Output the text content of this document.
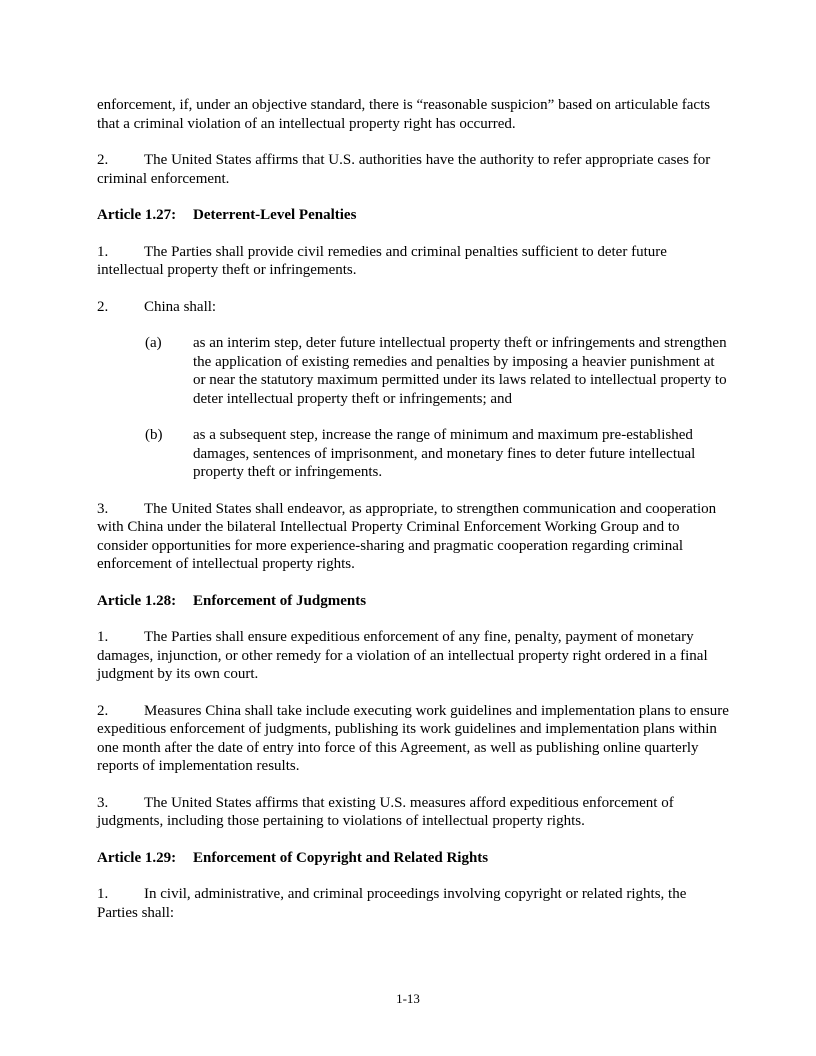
enforcement, if, under an objective standard, there is “reasonable suspicion” based on articulable facts that a criminal violation of an intellectual property right has occurred.

2. The United States affirms that U.S. authorities have the authority to refer appropriate cases for criminal enforcement.

Article 1.27: Deterrent-Level Penalties

1. The Parties shall provide civil remedies and criminal penalties sufficient to deter future intellectual property theft or infringements.

2. China shall:

(a)	as an interim step, deter future intellectual property theft or infringements and strengthen the application of existing remedies and penalties by imposing a heavier punishment at or near the statutory maximum permitted under its laws related to intellectual property to deter intellectual property theft or infringements; and
(b)	as a subsequent step, increase the range of minimum and maximum pre-established damages, sentences of imprisonment, and monetary fines to deter future intellectual property theft or infringements.

3. The United States shall endeavor, as appropriate, to strengthen communication and cooperation with China under the bilateral Intellectual Property Criminal Enforcement Working Group and to consider opportunities for more experience-sharing and pragmatic cooperation regarding criminal enforcement of intellectual property rights.

Article 1.28: Enforcement of Judgments

1. The Parties shall ensure expeditious enforcement of any fine, penalty, payment of monetary damages, injunction, or other remedy for a violation of an intellectual property right ordered in a final judgment by its own court.

2. Measures China shall take include executing work guidelines and implementation plans to ensure expeditious enforcement of judgments, publishing its work guidelines and implementation plans within one month after the date of entry into force of this Agreement, as well as publishing online quarterly reports of implementation results.

3. The United States affirms that existing U.S. measures afford expeditious enforcement of judgments, including those pertaining to violations of intellectual property rights.

Article 1.29: Enforcement of Copyright and Related Rights

1. In civil, administrative, and criminal proceedings involving copyright or related rights, the Parties shall:

1-13
